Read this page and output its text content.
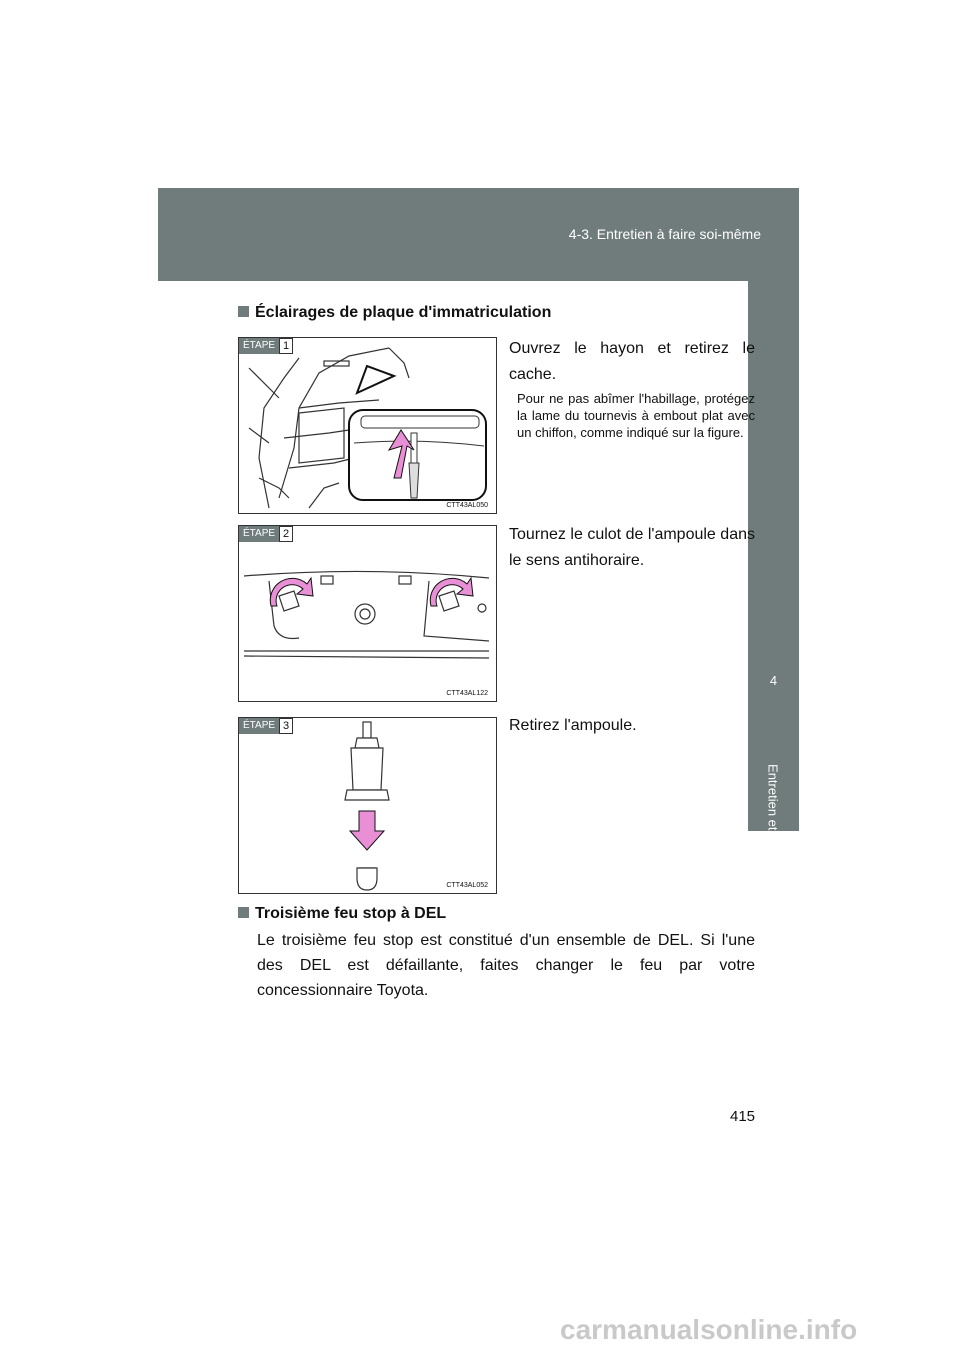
4-3. Entretien à faire soi-même
4
Entretien et soin
Éclairages de plaque d'immatriculation
ÉTAPE 1
CTT43AL050
Ouvrez le hayon et retirez le cache.
Pour ne pas abîmer l'habillage, protégez la lame du tournevis à embout plat avec un chiffon, comme indiqué sur la figure.
ÉTAPE 2
CTT43AL122
Tournez le culot de l'ampoule dans le sens antihoraire.
ÉTAPE 3
CTT43AL052
Retirez l'ampoule.
Troisième feu stop à DEL
Le troisième feu stop est constitué d'un ensemble de DEL. Si l'une des DEL est défaillante, faites changer le feu par votre concessionnaire Toyota.
415
carmanualsonline.info
